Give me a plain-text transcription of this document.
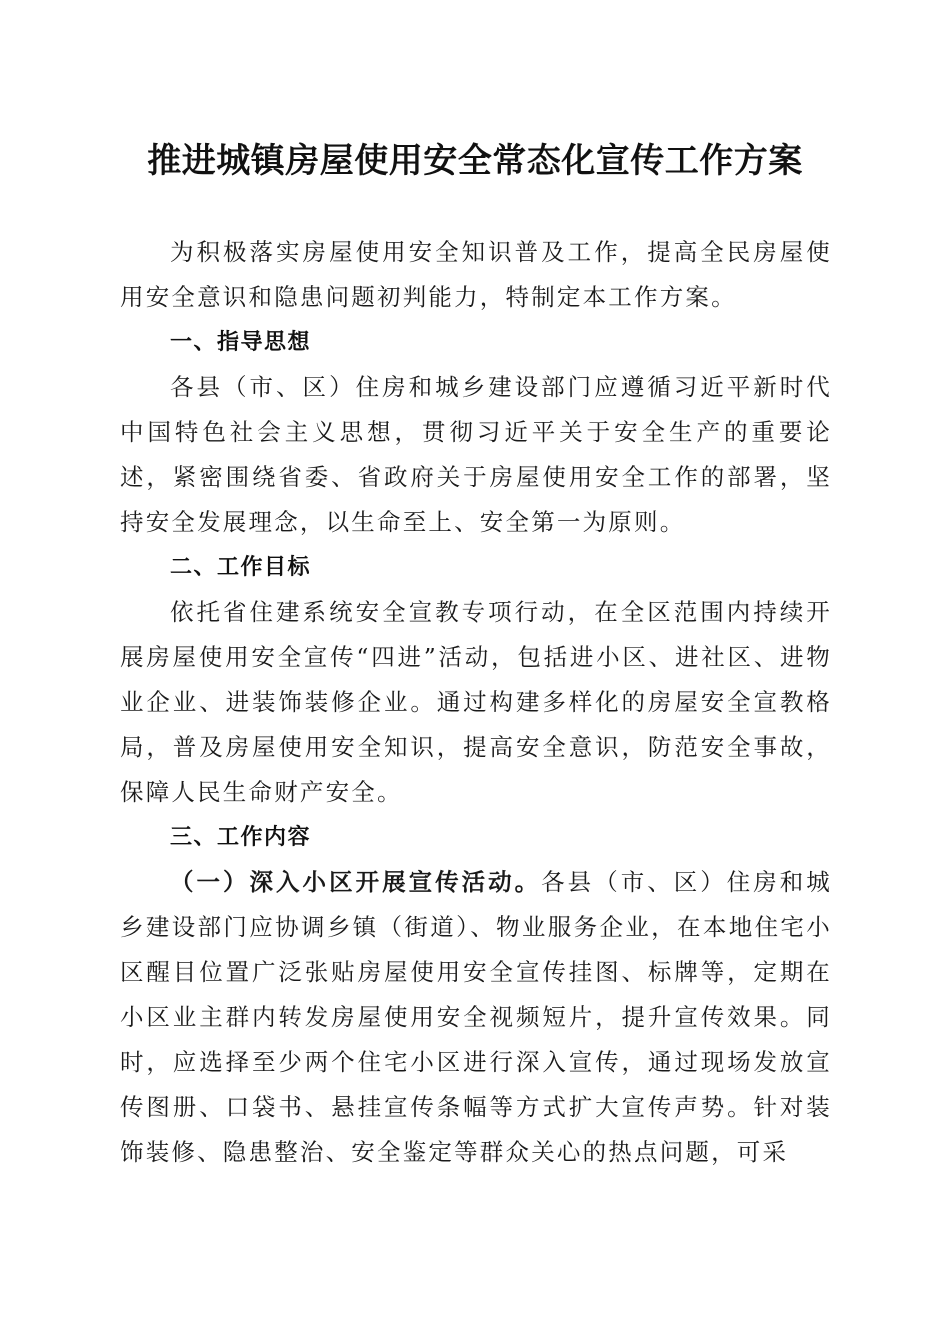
推进城镇房屋使用安全常态化宣传工作方案

为积极落实房屋使用安全知识普及工作，提高全民房屋使用安全意识和隐患问题初判能力，特制定本工作方案。

一、指导思想

各县（市、区）住房和城乡建设部门应遵循习近平新时代中国特色社会主义思想，贯彻习近平关于安全生产的重要论述，紧密围绕省委、省政府关于房屋使用安全工作的部署，坚持安全发展理念，以生命至上、安全第一为原则。

二、工作目标

依托省住建系统安全宣教专项行动，在全区范围内持续开展房屋使用安全宣传“四进”活动，包括进小区、进社区、进物业企业、进装饰装修企业。通过构建多样化的房屋安全宣教格局，普及房屋使用安全知识，提高安全意识，防范安全事故，保障人民生命财产安全。

三、工作内容

（一）深入小区开展宣传活动。各县（市、区）住房和城乡建设部门应协调乡镇（街道）、物业服务企业，在本地住宅小区醒目位置广泛张贴房屋使用安全宣传挂图、标牌等，定期在小区业主群内转发房屋使用安全视频短片，提升宣传效果。同时，应选择至少两个住宅小区进行深入宣传，通过现场发放宣传图册、口袋书、悬挂宣传条幅等方式扩大宣传声势。针对装饰装修、隐患整治、安全鉴定等群众关心的热点问题，可采
